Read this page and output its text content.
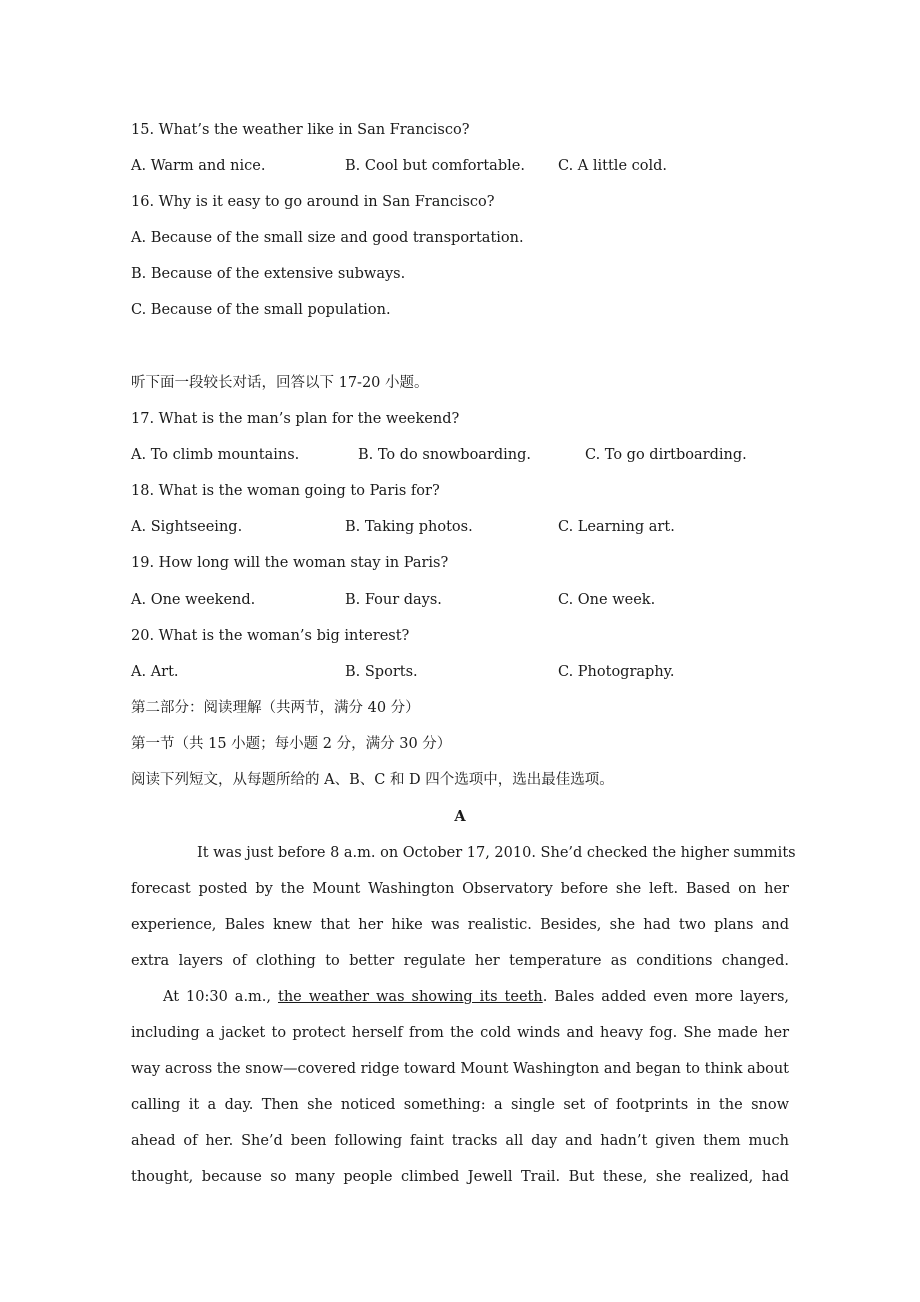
15. What’s the weather like in San Francisco?
A. Warm and nice.	B. Cool but comfortable. C. A little cold.
16. Why is it easy to go around in San Francisco?
A. Because of the small size and good transportation.
B. Because of the extensive subways.
C. Because of the small population.
听下面一段较长对话，回答以下 17-20 小题。
17. What is the man’s plan for the weekend?
A. To climb mountains.	B. To do snowboarding.	C. To go dirtboarding.
18. What is the woman going to Paris for?
A. Sightseeing.	B. Taking photos.	C. Learning art.
19. How long will the woman stay in Paris?
A. One weekend.	B. Four days.	C. One week.
20. What is the woman’s big interest?
A. Art.	B. Sports.	C. Photography.
第二部分：阅读理解（共两节，满分 40 分）
第一节（共 15 小题；每小题 2 分，满分 30 分）
阅读下列短文，从每题所给的 A、B、C 和 D 四个选项中，选出最佳选项。
A
It was just before 8 a.m. on October 17, 2010. She’d checked the higher summits
forecast posted by the Mount Washington Observatory before she left. Based on her
experience, Bales knew that her hike was realistic. Besides, she had two plans and
extra layers of clothing to better regulate her temperature as conditions changed.
At 10:30 a.m., the weather was showing its teeth. Bales added even more layers,
including a jacket to protect herself from the cold winds and heavy fog. She made her
way across the snow—covered ridge toward Mount Washington and began to think about
calling it a day. Then she noticed something: a single set of footprints in the snow
ahead of her. She’d been following faint tracks all day and hadn’t given them much
thought, because so many people climbed Jewell Trail. But these, she realized, had
